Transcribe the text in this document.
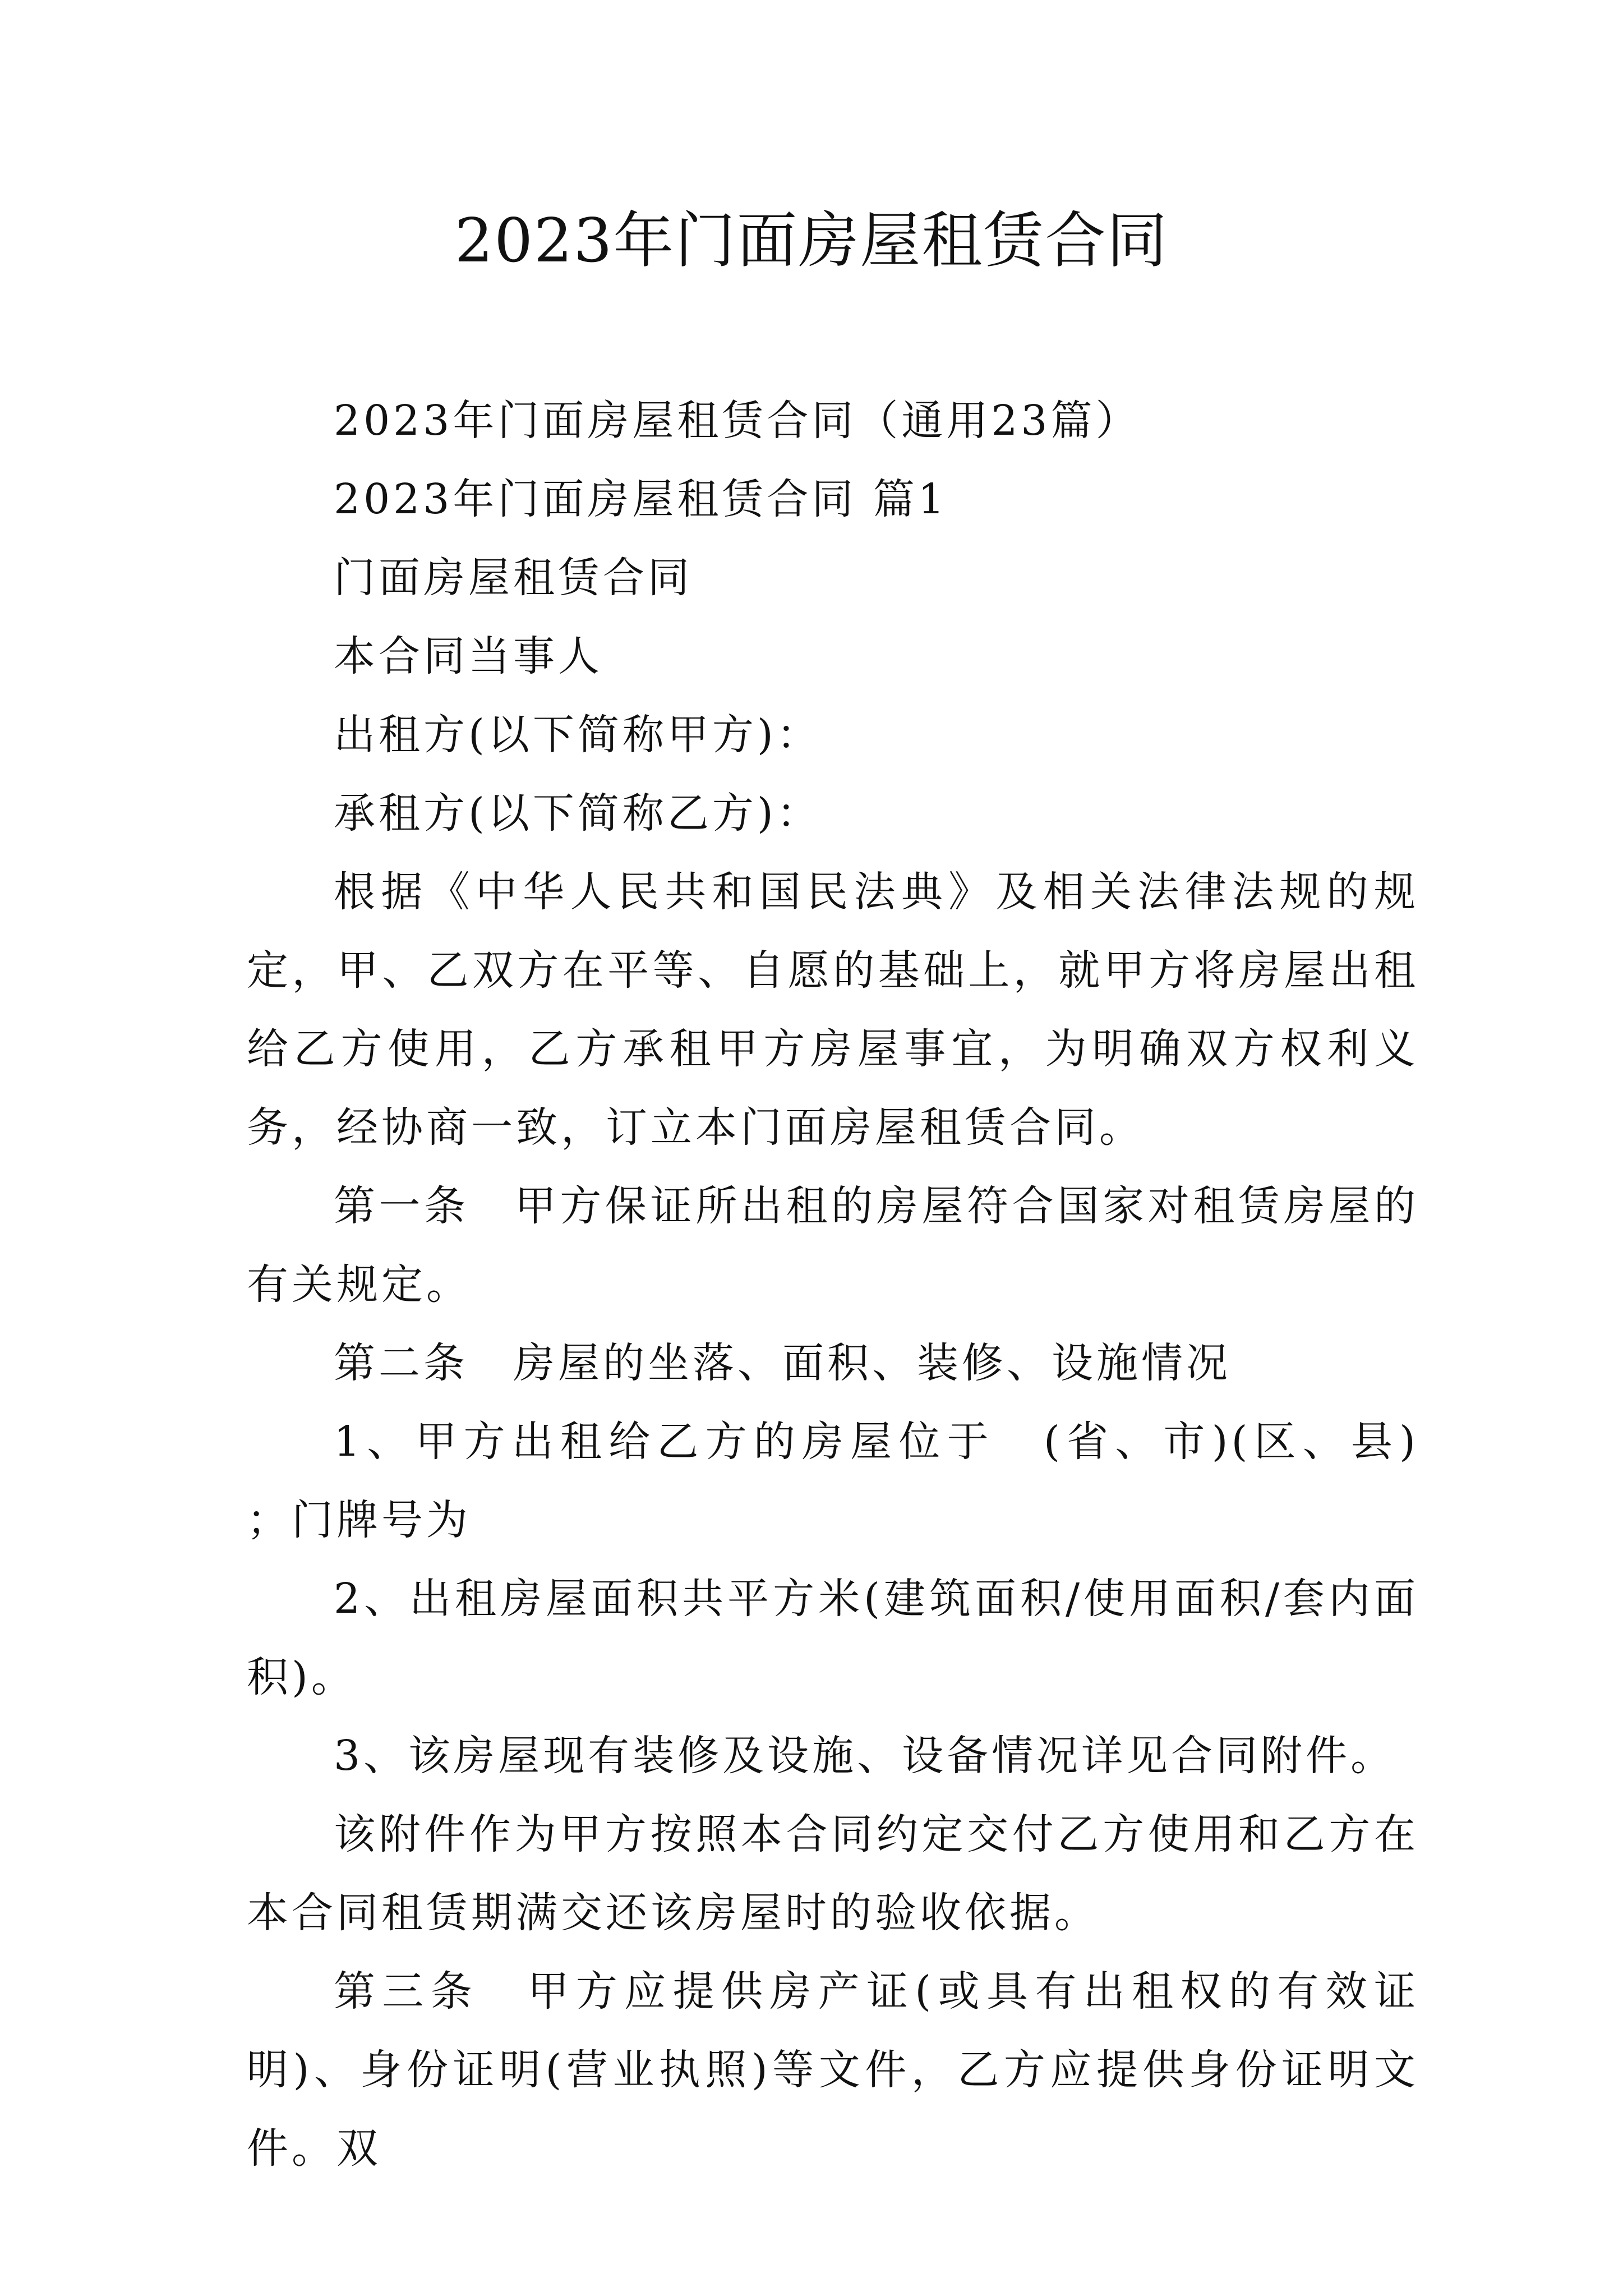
2023年门面房屋租赁合同

2023年门面房屋租赁合同（通用23篇）

2023年门面房屋租赁合同 篇1

门面房屋租赁合同

本合同当事人

出租方(以下简称甲方)：

承租方(以下简称乙方)：

根据《中华人民共和国民法典》及相关法律法规的规定，甲、乙双方在平等、自愿的基础上，就甲方将房屋出租给乙方使用，乙方承租甲方房屋事宜，为明确双方权利义务，经协商一致，订立本门面房屋租赁合同。

第一条　甲方保证所出租的房屋符合国家对租赁房屋的有关规定。

第二条　房屋的坐落、面积、装修、设施情况

1、甲方出租给乙方的房屋位于　(省、市)(区、县)　；门牌号为

2、出租房屋面积共平方米(建筑面积/使用面积/套内面积)。

3、该房屋现有装修及设施、设备情况详见合同附件。

该附件作为甲方按照本合同约定交付乙方使用和乙方在本合同租赁期满交还该房屋时的验收依据。

第三条　甲方应提供房产证(或具有出租权的有效证明)、身份证明(营业执照)等文件，乙方应提供身份证明文件。双
